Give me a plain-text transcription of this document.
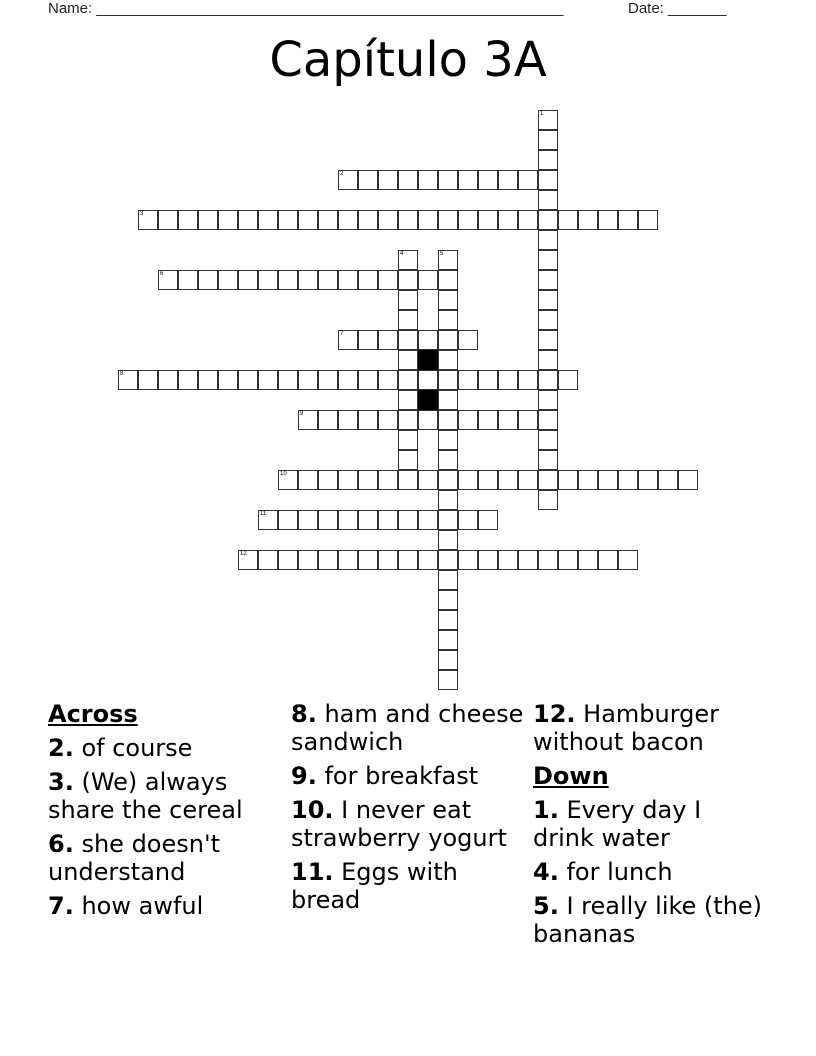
Name: ________________________________________________________	Date: _______
Capítulo 3A
1
2
3
4	5
6
7
8
9
10
11
12
Across
2. of course
3. (We) always share the cereal
6. she doesn't understand
7. how awful
8. ham and cheese sandwich
9. for breakfast
10. I never eat strawberry yogurt
11. Eggs with bread
12. Hamburger without bacon
Down
1. Every day I drink water
4. for lunch
5. I really like (the) bananas
